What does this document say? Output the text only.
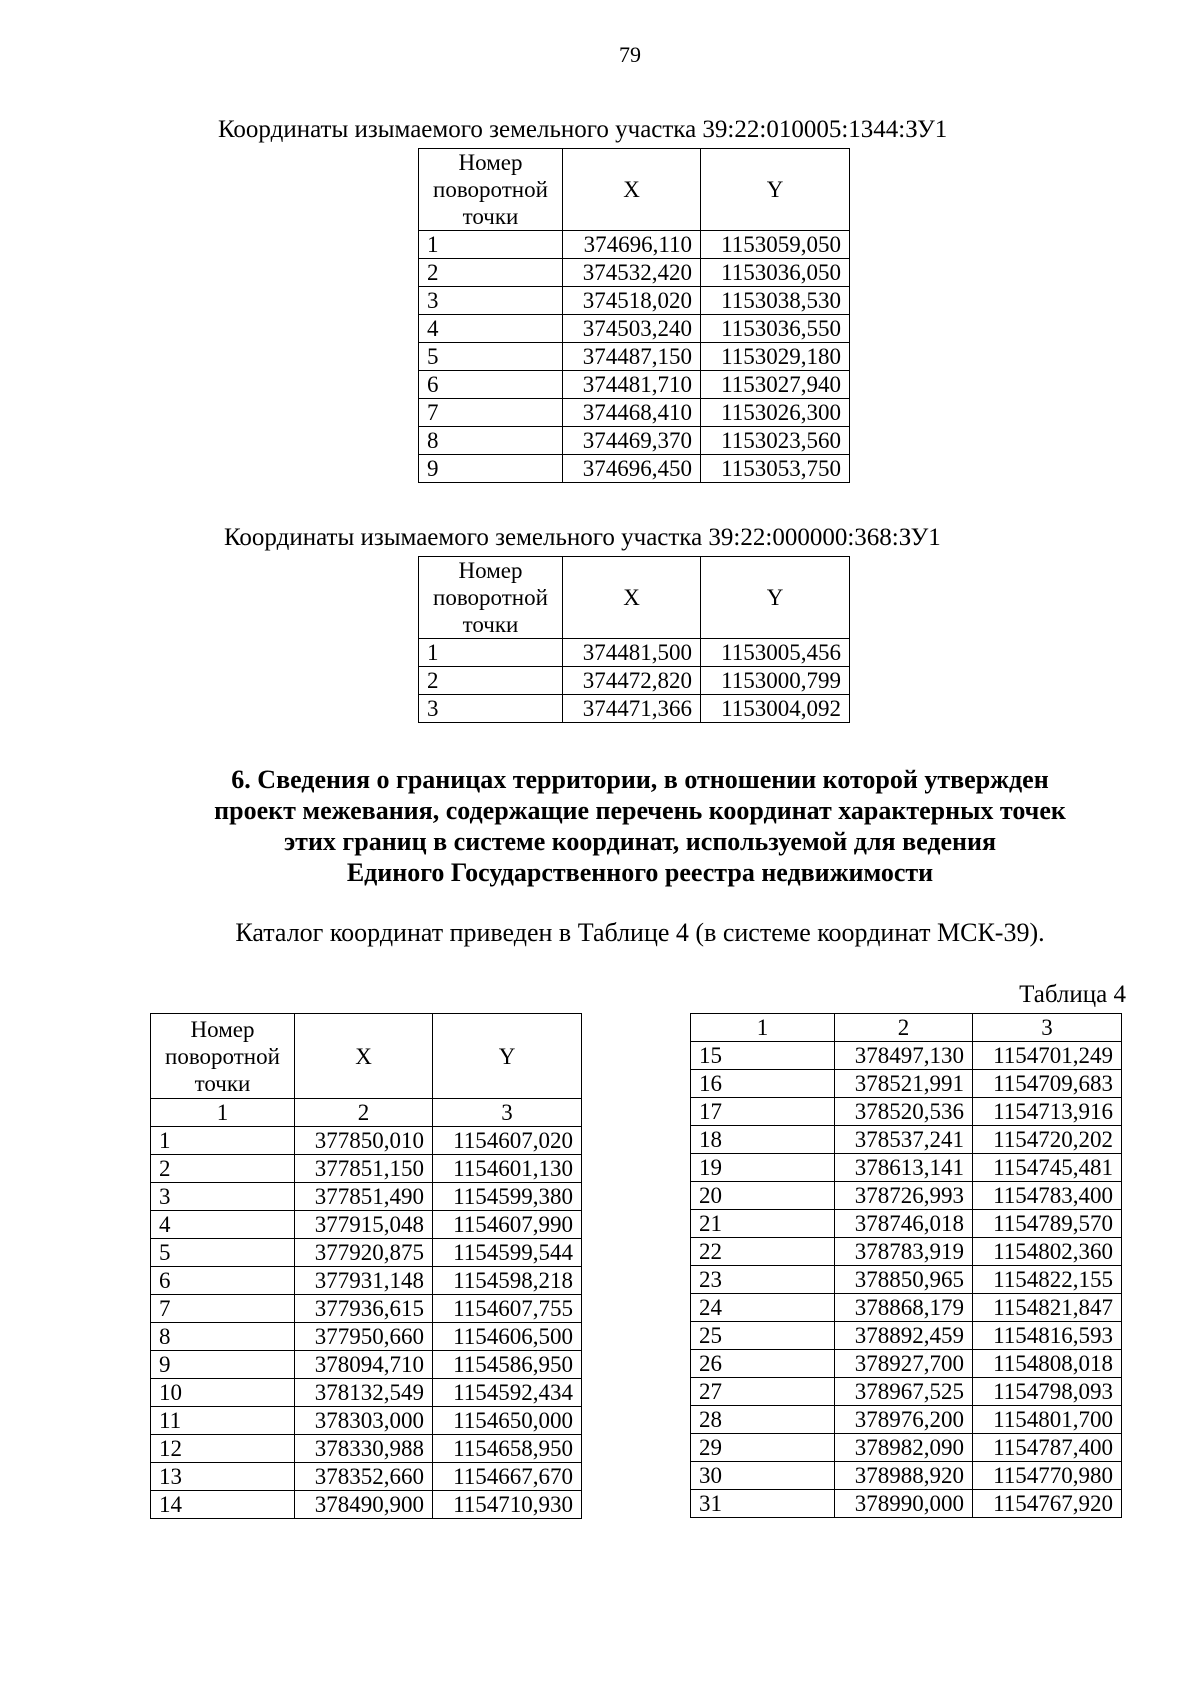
79
Координаты изымаемого земельного участка 39:22:010005:1344:ЗУ1
Номер поворотной точки	X	Y
1	374696,110	1153059,050
2	374532,420	1153036,050
3	374518,020	1153038,530
4	374503,240	1153036,550
5	374487,150	1153029,180
6	374481,710	1153027,940
7	374468,410	1153026,300
8	374469,370	1153023,560
9	374696,450	1153053,750
Координаты изымаемого земельного участка 39:22:000000:368:ЗУ1
Номер поворотной точки	X	Y
1	374481,500	1153005,456
2	374472,820	1153000,799
3	374471,366	1153004,092
6. Сведения о границах территории, в отношении которой утвержден
проект межевания, содержащие перечень координат характерных точек
этих границ в системе координат, используемой для ведения
Единого Государственного реестра недвижимости
Каталог координат приведен в Таблице 4 (в системе координат МСК-39).
Таблица 4
Номер поворотной точки	X	Y
1	2	3
1	377850,010	1154607,020
2	377851,150	1154601,130
3	377851,490	1154599,380
4	377915,048	1154607,990
5	377920,875	1154599,544
6	377931,148	1154598,218
7	377936,615	1154607,755
8	377950,660	1154606,500
9	378094,710	1154586,950
10	378132,549	1154592,434
11	378303,000	1154650,000
12	378330,988	1154658,950
13	378352,660	1154667,670
14	378490,900	1154710,930
1	2	3
15	378497,130	1154701,249
16	378521,991	1154709,683
17	378520,536	1154713,916
18	378537,241	1154720,202
19	378613,141	1154745,481
20	378726,993	1154783,400
21	378746,018	1154789,570
22	378783,919	1154802,360
23	378850,965	1154822,155
24	378868,179	1154821,847
25	378892,459	1154816,593
26	378927,700	1154808,018
27	378967,525	1154798,093
28	378976,200	1154801,700
29	378982,090	1154787,400
30	378988,920	1154770,980
31	378990,000	1154767,920
